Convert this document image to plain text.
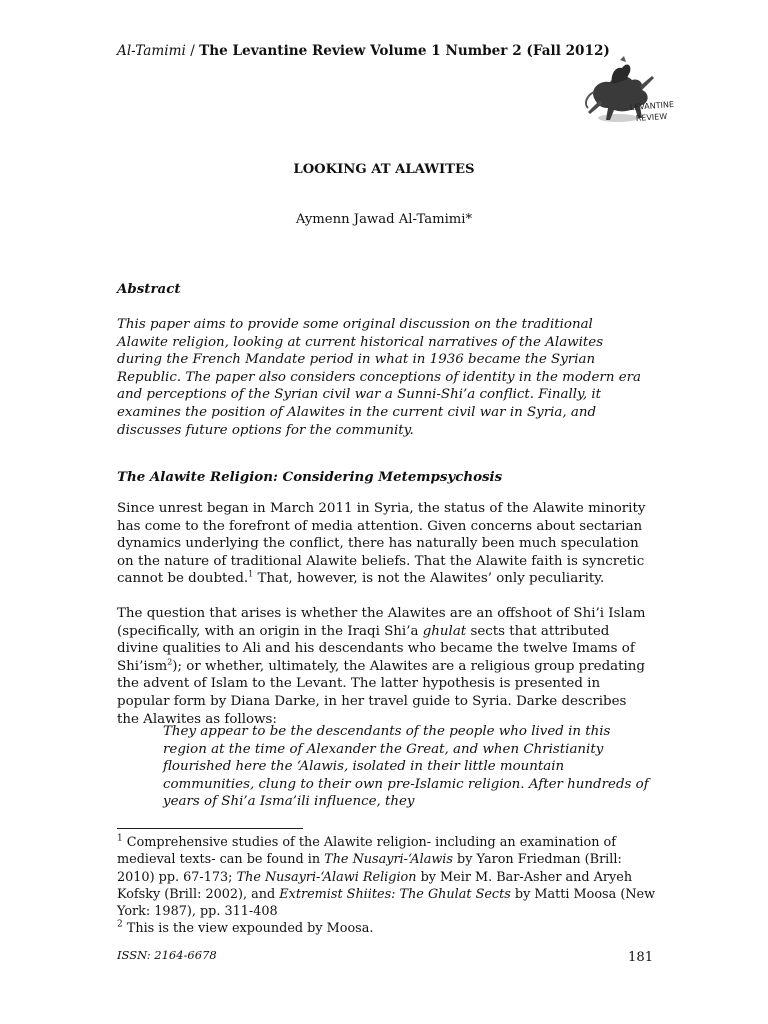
Al-Tamimi / The Levantine Review Volume 1 Number 2 (Fall 2012)
LEVANTINE
REVIEW
LOOKING AT ALAWITES
Aymenn Jawad Al-Tamimi*
Abstract
This paper aims to provide some original discussion on the traditional Alawite religion, looking at current historical narratives of the Alawites during the French Mandate period in what in 1936 became the Syrian Republic. The paper also considers conceptions of identity in the modern era and perceptions of the Syrian civil war a Sunni-Shi’a conflict. Finally, it examines the position of Alawites in the current civil war in Syria, and discusses future options for the community.
The Alawite Religion: Considering Metempsychosis
Since unrest began in March 2011 in Syria, the status of the Alawite minority has come to the forefront of media attention. Given concerns about sectarian dynamics underlying the conflict, there has naturally been much speculation on the nature of traditional Alawite beliefs. That the Alawite faith is syncretic cannot be doubted.$^1$ That, however, is not the Alawites’ only peculiarity.
The question that arises is whether the Alawites are an offshoot of Shi’i Islam (specifically, with an origin in the Iraqi Shi’a ghulat sects that attributed divine qualities to Ali and his descendants who became the twelve Imams of Shi’ism$^2$); or whether, ultimately, the Alawites are a religious group predating the advent of Islam to the Levant. The latter hypothesis is presented in popular form by Diana Darke, in her travel guide to Syria. Darke describes the Alawites as follows:
They appear to be the descendants of the people who lived in this region at the time of Alexander the Great, and when Christianity flourished here the ‘Alawis, isolated in their little mountain communities, clung to their own pre-Islamic religion. After hundreds of years of Shi’a Isma’ili influence, they
$^1$ Comprehensive studies of the Alawite religion- including an examination of medieval texts- can be found in The Nusayri-‘Alawis by Yaron Friedman (Brill: 2010) pp. 67-173; The Nusayri-‘Alawi Religion by Meir M. Bar-Asher and Aryeh Kofsky (Brill: 2002), and Extremist Shiites: The Ghulat Sects by Matti Moosa (New York: 1987), pp. 311-408
$^2$ This is the view expounded by Moosa.
ISSN: 2164-6678	181
